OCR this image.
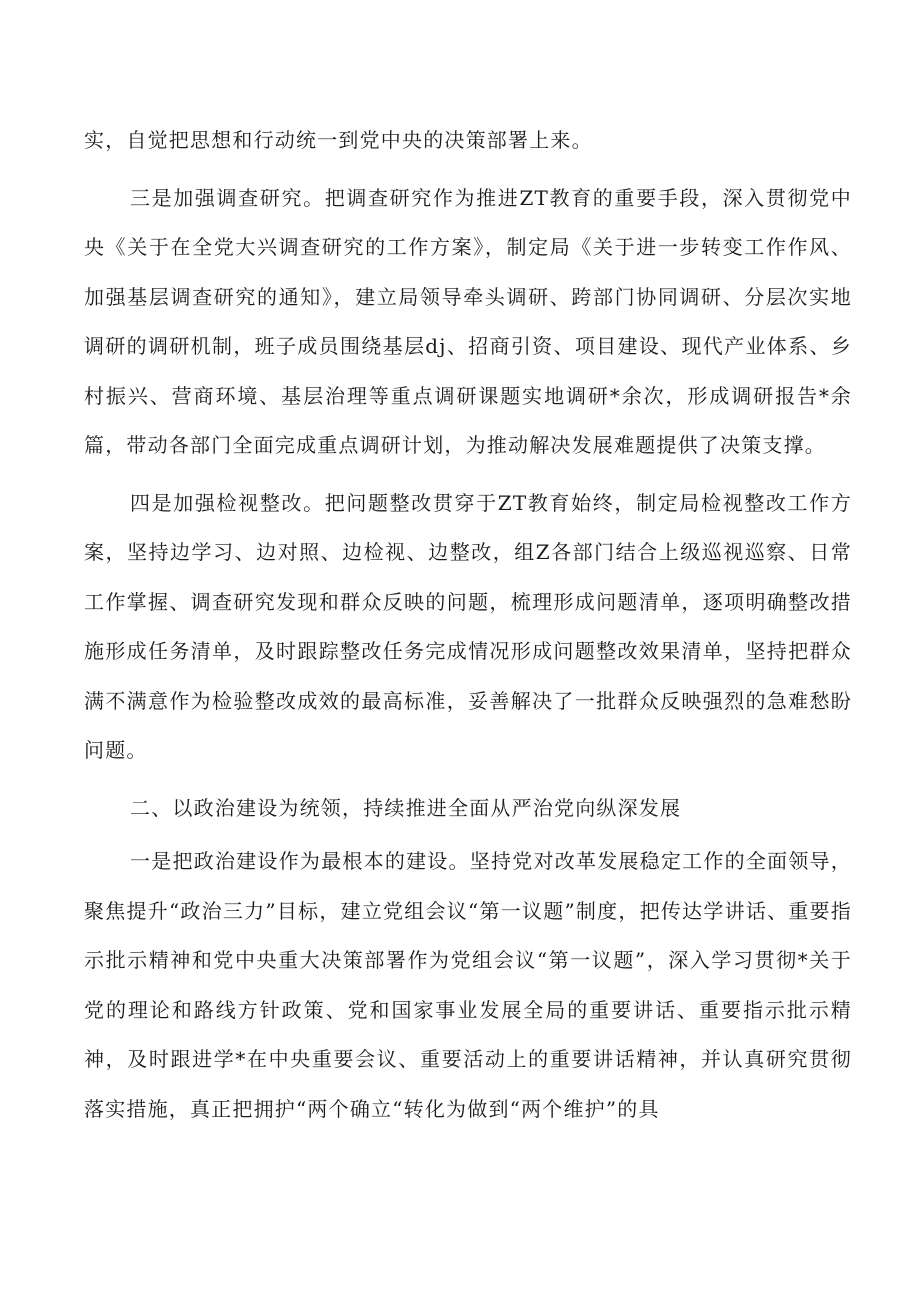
实，自觉把思想和行动统一到党中央的决策部署上来。

三是加强调查研究。把调查研究作为推进ZT教育的重要手段，深入贯彻党中央《关于在全党大兴调查研究的工作方案》，制定局《关于进一步转变工作作风、加强基层调查研究的通知》，建立局领导牵头调研、跨部门协同调研、分层次实地调研的调研机制，班子成员围绕基层dj、招商引资、项目建设、现代产业体系、乡村振兴、营商环境、基层治理等重点调研课题实地调研*余次，形成调研报告*余篇，带动各部门全面完成重点调研计划，为推动解决发展难题提供了决策支撑。

四是加强检视整改。把问题整改贯穿于ZT教育始终，制定局检视整改工作方案，坚持边学习、边对照、边检视、边整改，组Z各部门结合上级巡视巡察、日常工作掌握、调查研究发现和群众反映的问题，梳理形成问题清单，逐项明确整改措施形成任务清单，及时跟踪整改任务完成情况形成问题整改效果清单，坚持把群众满不满意作为检验整改成效的最高标准，妥善解决了一批群众反映强烈的急难愁盼问题。

二、以政治建设为统领，持续推进全面从严治党向纵深发展

一是把政治建设作为最根本的建设。坚持党对改革发展稳定工作的全面领导，聚焦提升“政治三力”目标，建立党组会议“第一议题”制度，把传达学讲话、重要指示批示精神和党中央重大决策部署作为党组会议“第一议题”，深入学习贯彻*关于党的理论和路线方针政策、党和国家事业发展全局的重要讲话、重要指示批示精神，及时跟进学*在中央重要会议、重要活动上的重要讲话精神，并认真研究贯彻落实措施，真正把拥护“两个确立“转化为做到“两个维护”的具
